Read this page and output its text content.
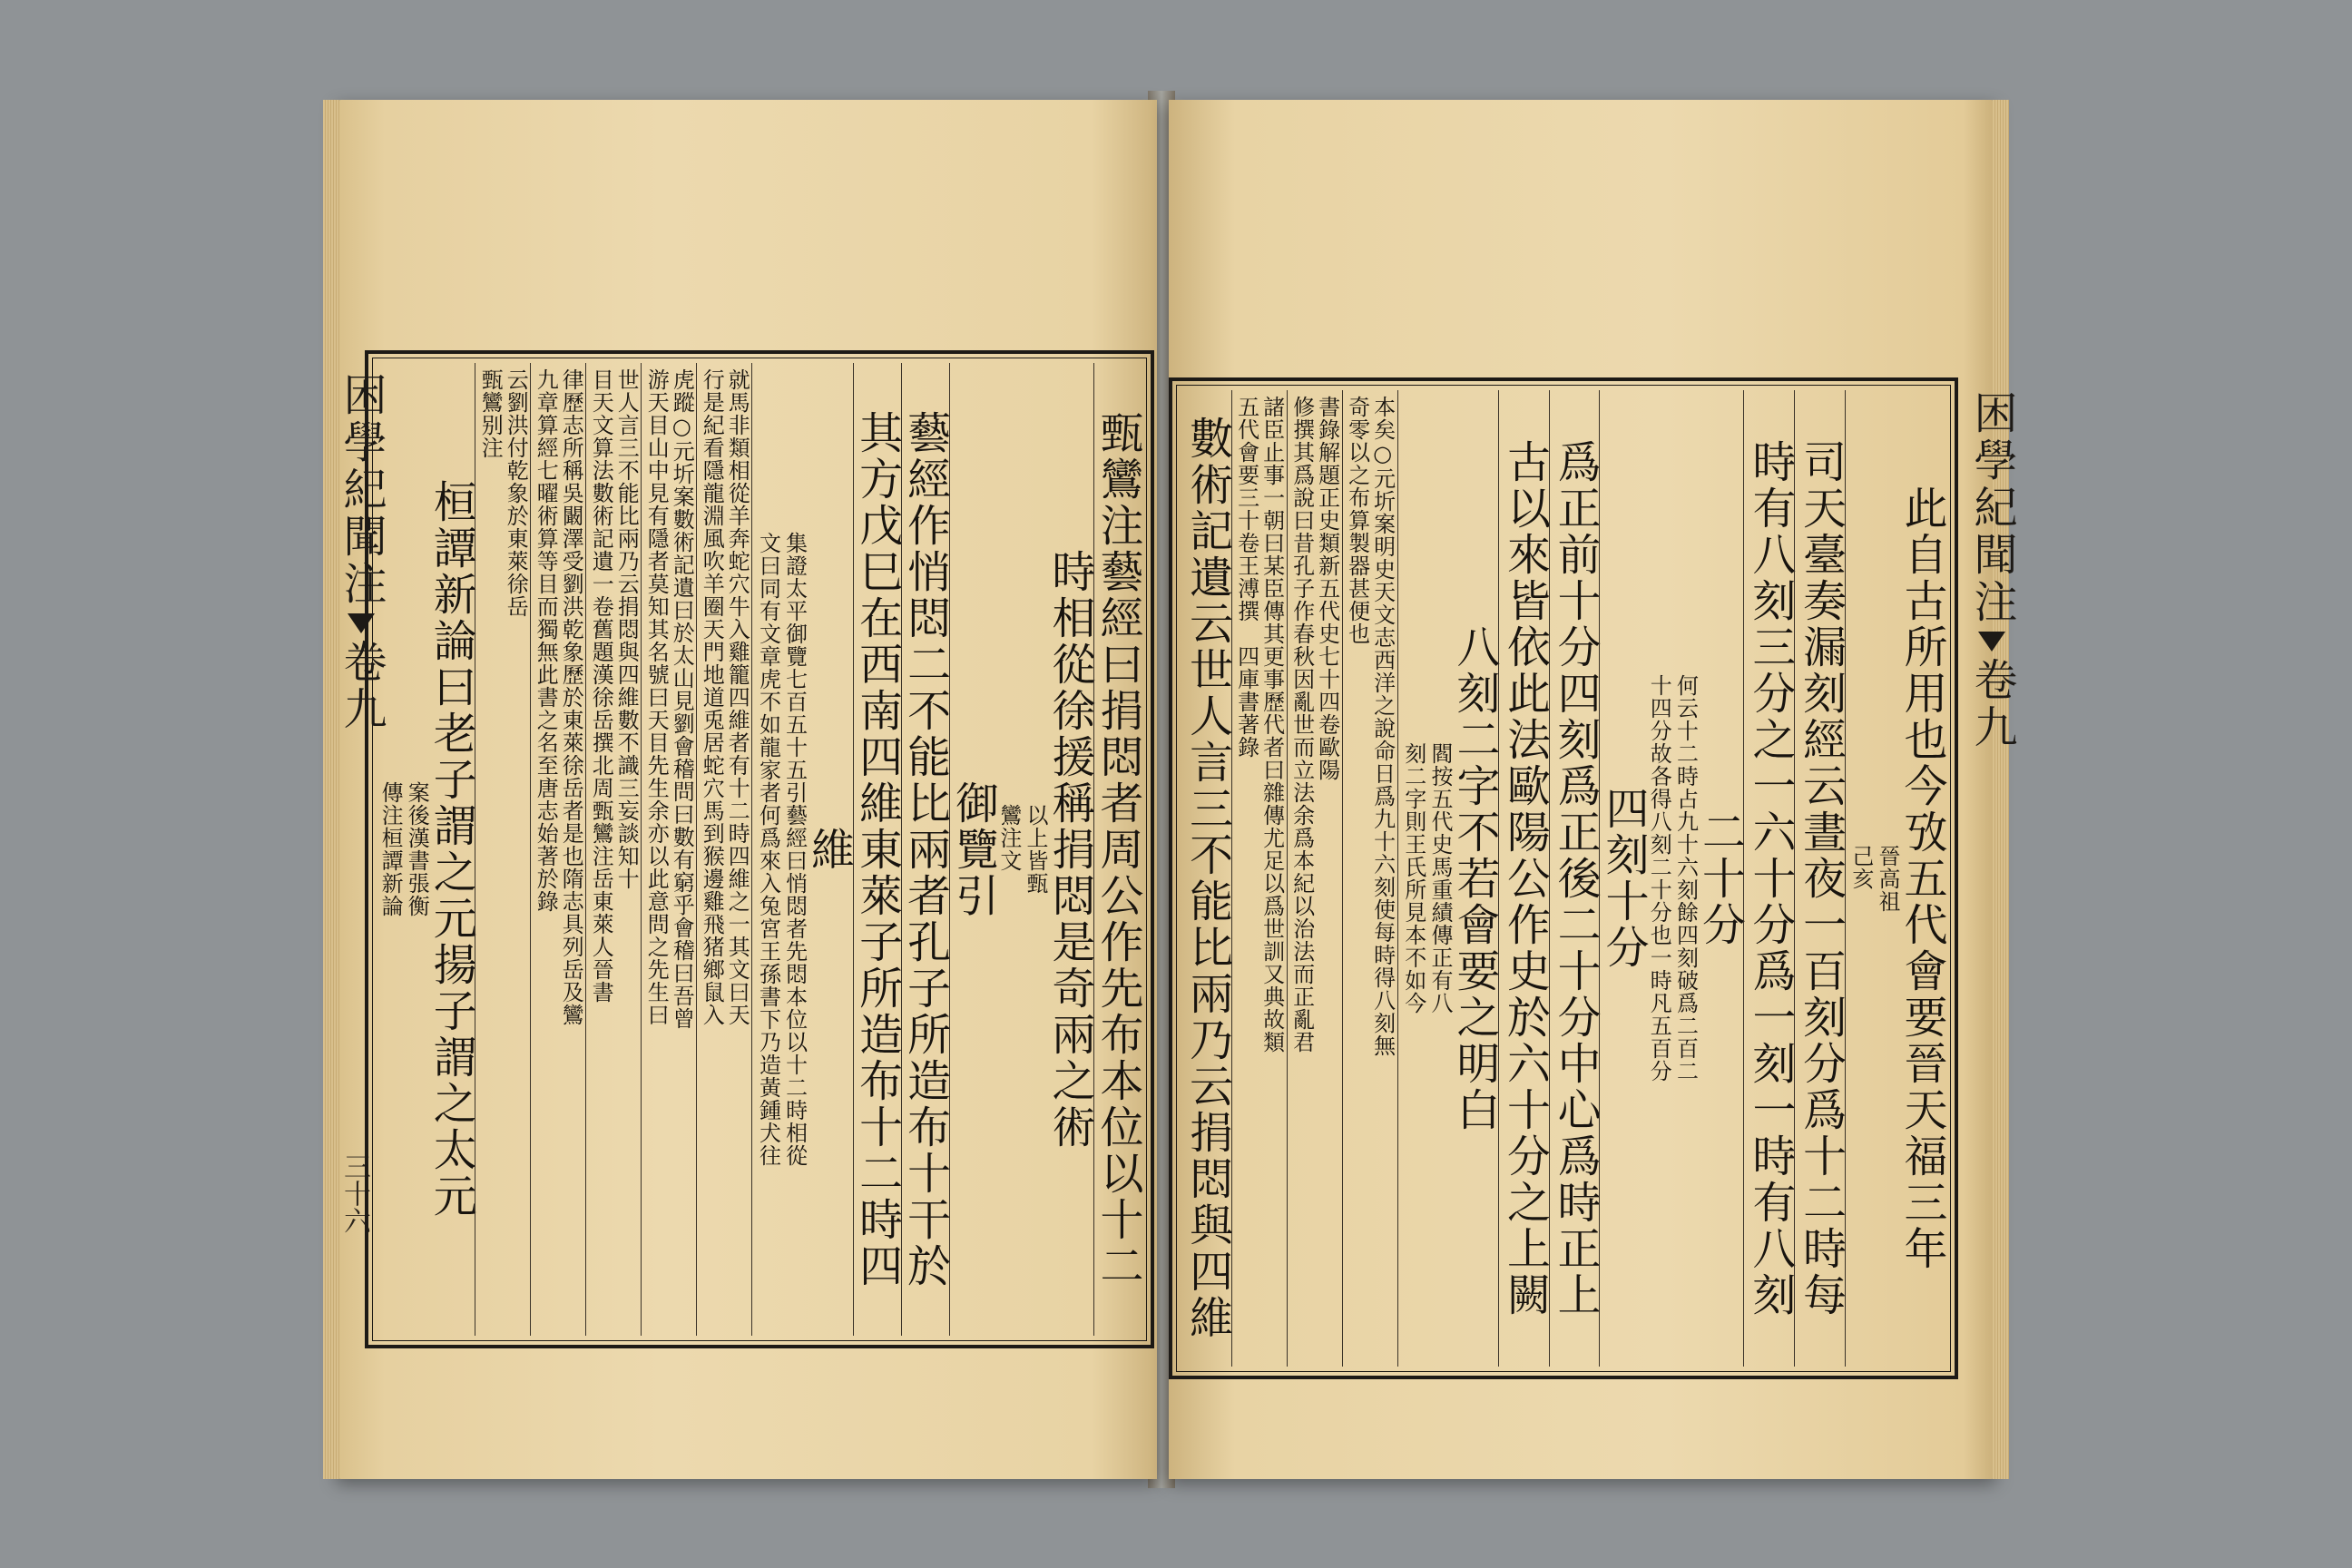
困學紀聞注卷九
三十六	甄鸞注藝經曰捐悶者周公作先布本位以十二
時相從徐援稱捐悶是奇兩之術
以上皆甄
鸞注文
御覽引
藝經作悄悶二不能比兩者孔子所造布十干於
其方戊巳在西南四維東萊子所造布十二時四
維
集證太平御覽七百五十五引藝經曰悄悶者先悶本位以十二時相從
文曰同有文章虎不如龍家者何爲來入兔宮王孫書下乃造黃鍾犬往
就馬非類相從羊奔蛇穴牛入雞籠四維者有十二時四維之一其文曰天
行是紀看隱龍淵風吹羊圈天門地道兎居蛇穴馬到猴邊雞飛猪鄉鼠入
虎蹤○元圻案數術記遺曰於太山見劉會稽問曰數有窮乎會稽曰吾曾
游天目山中見有隱者莫知其名號曰天目先生余亦以此意問之先生曰
世人言三不能比兩乃云捐悶與四維數不識三妄談知十
目天文算法數術記遺一卷舊題漢徐岳撰北周甄鸞注岳東萊人晉書
律歷志所稱吳闞澤受劉洪乾象歷於東萊徐岳者是也隋志具列岳及鸞
九章算經七曜術算等目而獨無此書之名至唐志始著於錄
云劉洪付乾象於東萊徐岳
甄鸞别注
桓譚新論曰老子謂之元揚子謂之太元
案後漢書張衡
傳注桓譚新論
困學紀聞注卷九
此自古所用也今攷五代會要晉天福三年
晉高祖
己亥
司天臺奏漏刻經云晝夜一百刻分爲十二時每
時有八刻三分之一六十分爲一刻一時有八刻
二十分
何云十二時占九十六刻餘四刻破爲二百二
十四分故各得八刻二十分也一時凡五百分
四刻十分
爲正前十分四刻爲正後二十分中心爲時正上
古以來皆依此法歐陽公作史於六十分之上闕
八刻二字不若會要之明白
閻按五代史馬重績傳正有八
刻二字則王氏所見本不如今
本矣○元圻案明史天文志西洋之說命日爲九十六刻使每時得八刻無
奇零以之布算製器甚便也
書錄解題正史類新五代史七十四卷歐陽
修撰其爲說曰昔孔子作春秋因亂世而立法余爲本紀以治法而正亂君
諸臣止事一朝曰某臣傳其更事歷代者曰雜傳尤足以爲世訓又典故類
五代會要三十卷王溥撰　四庫書著錄
數術記遺云世人言三不能比兩乃云捐悶與四維
